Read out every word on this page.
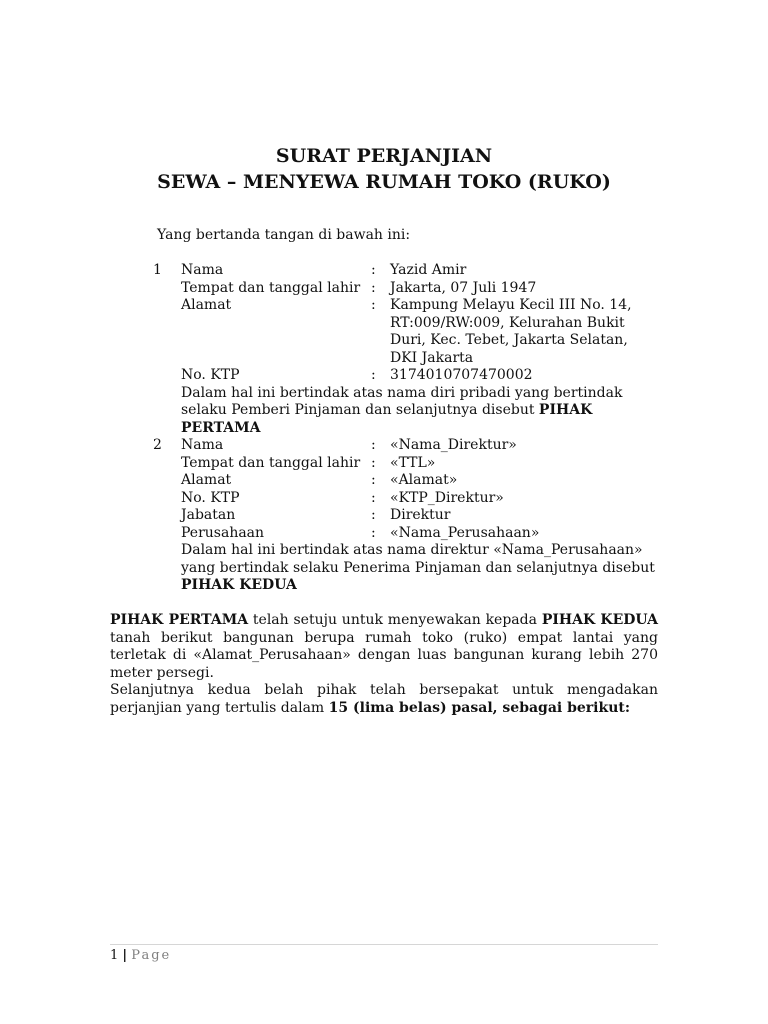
SURAT PERJANJIAN
SEWA – MENYEWA RUMAH TOKO (RUKO)

Yang bertanda tangan di bawah ini:

1	Nama	:	Yazid Amir
Tempat dan tanggal lahir :	Jakarta, 07 Juli 1947
Alamat	:	Kampung Melayu Kecil III No. 14, RT:009/RW:009, Kelurahan Bukit Duri, Kec. Tebet, Jakarta Selatan, DKI Jakarta
No. KTP	:	3174010707470002
Dalam hal ini bertindak atas nama diri pribadi yang bertindak selaku Pemberi Pinjaman dan selanjutnya disebut PIHAK PERTAMA
2	Nama	:	«Nama_Direktur»
Tempat dan tanggal lahir :	«TTL»
Alamat	:	«Alamat»
No. KTP	:	«KTP_Direktur»
Jabatan	:	Direktur
Perusahaan	:	«Nama_Perusahaan»
Dalam hal ini bertindak atas nama direktur «Nama_Perusahaan» yang bertindak selaku Penerima Pinjaman dan selanjutnya disebut
PIHAK KEDUA

PIHAK PERTAMA telah setuju untuk menyewakan kepada PIHAK KEDUA tanah berikut bangunan berupa rumah toko (ruko) empat lantai yang terletak di «Alamat_Perusahaan» dengan luas bangunan kurang lebih 270 meter persegi.

Selanjutnya kedua belah pihak telah bersepakat untuk mengadakan perjanjian yang tertulis dalam 15 (lima belas) pasal, sebagai berikut:

1 | Page
